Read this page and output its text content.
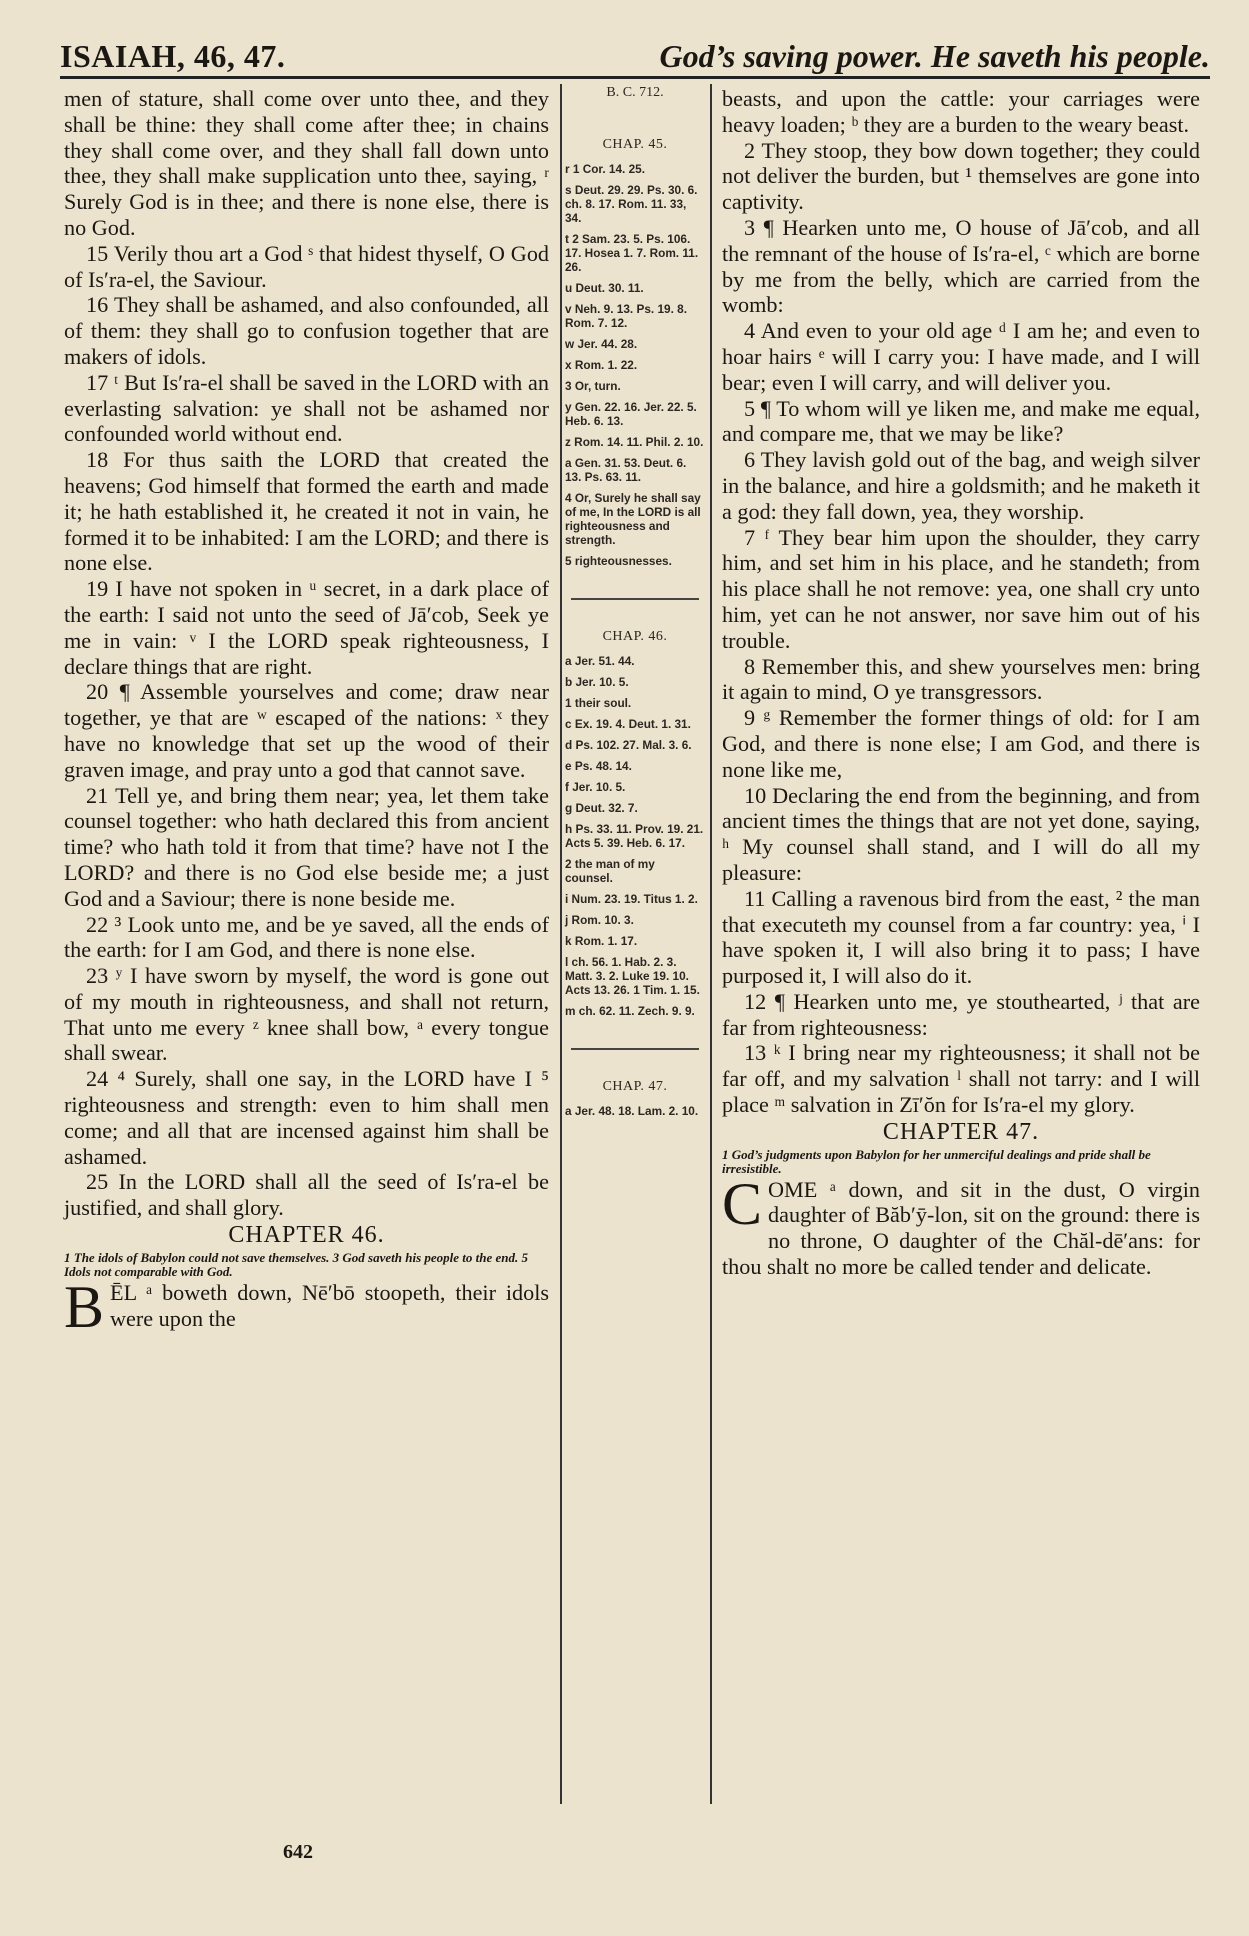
ISAIAH, 46, 47.	God’s saving power. He saveth his people.

men of stature, shall come over unto thee, and they shall be thine: they shall come after thee; in chains they shall come over, and they shall fall down unto thee, they shall make supplication unto thee, saying, ʳ Surely God is in thee; and there is none else, there is no God.

15 Verily thou art a God ˢ that hidest thyself, O God of Is′ra-el, the Saviour.

16 They shall be ashamed, and also confounded, all of them: they shall go to confusion together that are makers of idols.

17 ᵗ But Is′ra-el shall be saved in the LORD with an everlasting salvation: ye shall not be ashamed nor confounded world without end.

18 For thus saith the LORD that created the heavens; God himself that formed the earth and made it; he hath established it, he created it not in vain, he formed it to be inhabited: I am the LORD; and there is none else.

19 I have not spoken in ᵘ secret, in a dark place of the earth: I said not unto the seed of Jā′cob, Seek ye me in vain: ᵛ I the LORD speak righteousness, I declare things that are right.

20 ¶ Assemble yourselves and come; draw near together, ye that are ʷ escaped of the nations: ˣ they have no knowledge that set up the wood of their graven image, and pray unto a god that cannot save.

21 Tell ye, and bring them near; yea, let them take counsel together: who hath declared this from ancient time? who hath told it from that time? have not I the LORD? and there is no God else beside me; a just God and a Saviour; there is none beside me.

22 ³ Look unto me, and be ye saved, all the ends of the earth: for I am God, and there is none else.

23 ʸ I have sworn by myself, the word is gone out of my mouth in righteousness, and shall not return, That unto me every ᶻ knee shall bow, ᵃ every tongue shall swear.

24 ⁴ Surely, shall one say, in the LORD have I ⁵ righteousness and strength: even to him shall men come; and all that are incensed against him shall be ashamed.

25 In the LORD shall all the seed of Is′ra-el be justified, and shall glory.

CHAPTER 46.

1 The idols of Babylon could not save themselves. 3 God saveth his people to the end. 5 Idols not comparable with God.

BĒL ᵃ boweth down, Nē′bō stoopeth, their idols were upon the

B. C. 712.
CHAP. 45.
r 1 Cor. 14. 25.
s Deut. 29. 29. Ps. 30. 6. ch. 8. 17. Rom. 11. 33, 34.
t 2 Sam. 23. 5. Ps. 106. 17. Hosea 1. 7. Rom. 11. 26.
u Deut. 30. 11.
v Neh. 9. 13. Ps. 19. 8. Rom. 7. 12.
w Jer. 44. 28.
x Rom. 1. 22.
3 Or, turn.
y Gen. 22. 16. Jer. 22. 5. Heb. 6. 13.
z Rom. 14. 11. Phil. 2. 10.
a Gen. 31. 53. Deut. 6. 13. Ps. 63. 11.
4 Or, Surely he shall say of me, In the LORD is all righteousness and strength.
5 righteousnesses.
CHAP. 46.
a Jer. 51. 44.
b Jer. 10. 5.
1 their soul.
c Ex. 19. 4. Deut. 1. 31.
d Ps. 102. 27. Mal. 3. 6.
e Ps. 48. 14.
f Jer. 10. 5.
g Deut. 32. 7.
h Ps. 33. 11. Prov. 19. 21. Acts 5. 39. Heb. 6. 17.
2 the man of my counsel.
i Num. 23. 19. Titus 1. 2.
j Rom. 10. 3.
k Rom. 1. 17.
l ch. 56. 1. Hab. 2. 3. Matt. 3. 2. Luke 19. 10. Acts 13. 26. 1 Tim. 1. 15.
m ch. 62. 11. Zech. 9. 9.
CHAP. 47.
a Jer. 48. 18. Lam. 2. 10.

beasts, and upon the cattle: your carriages were heavy loaden; ᵇ they are a burden to the weary beast.

2 They stoop, they bow down together; they could not deliver the burden, but ¹ themselves are gone into captivity.

3 ¶ Hearken unto me, O house of Jā′cob, and all the remnant of the house of Is′ra-el, ᶜ which are borne by me from the belly, which are carried from the womb:

4 And even to your old age ᵈ I am he; and even to hoar hairs ᵉ will I carry you: I have made, and I will bear; even I will carry, and will deliver you.

5 ¶ To whom will ye liken me, and make me equal, and compare me, that we may be like?

6 They lavish gold out of the bag, and weigh silver in the balance, and hire a goldsmith; and he maketh it a god: they fall down, yea, they worship.

7 ᶠ They bear him upon the shoulder, they carry him, and set him in his place, and he standeth; from his place shall he not remove: yea, one shall cry unto him, yet can he not answer, nor save him out of his trouble.

8 Remember this, and shew yourselves men: bring it again to mind, O ye transgressors.

9 ᵍ Remember the former things of old: for I am God, and there is none else; I am God, and there is none like me,

10 Declaring the end from the beginning, and from ancient times the things that are not yet done, saying, ʰ My counsel shall stand, and I will do all my pleasure:

11 Calling a ravenous bird from the east, ² the man that executeth my counsel from a far country: yea, ⁱ I have spoken it, I will also bring it to pass; I have purposed it, I will also do it.

12 ¶ Hearken unto me, ye stouthearted, ʲ that are far from righteousness:

13 ᵏ I bring near my righteousness; it shall not be far off, and my salvation ˡ shall not tarry: and I will place ᵐ salvation in Zī′ŏn for Is′ra-el my glory.

CHAPTER 47.

1 God’s judgments upon Babylon for her unmerciful dealings and pride shall be irresistible.

COME ᵃ down, and sit in the dust, O virgin daughter of Băb′ȳ-lon, sit on the ground: there is no throne, O daughter of the Chăl-dē′ans: for thou shalt no more be called tender and delicate.

642
